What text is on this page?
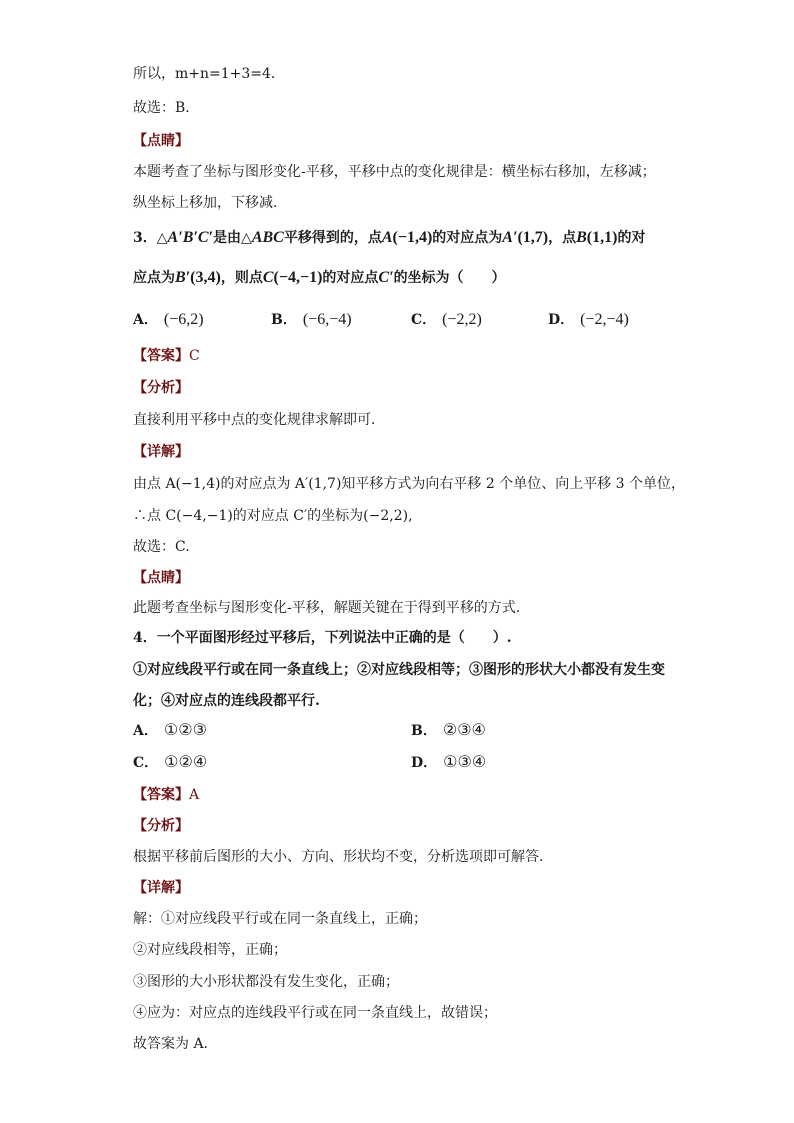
所以，m+n=1+3=4．
故选：B．
【点睛】
本题考查了坐标与图形变化-平移，平移中点的变化规律是：横坐标右移加，左移减；
纵坐标上移加，下移减．
3．△A′B′C′是由△ABC平移得到的，点A(−1,4)的对应点为A′(1,7)，点B(1,1)的对
应点为B′(3,4)，则点C(−4,−1)的对应点C′的坐标为（　　）
A． (−6,2)	B． (−6,−4)	C． (−2,2)	D． (−2,−4)
【答案】C
【分析】
直接利用平移中点的变化规律求解即可．
【详解】
由点 A(−1,4)的对应点为 A′(1,7)知平移方式为向右平移 2 个单位、向上平移 3 个单位，
∴点 C(−4,−1)的对应点 C′的坐标为(−2,2),
故选：C.
【点睛】
此题考查坐标与图形变化-平移，解题关键在于得到平移的方式.
4．一个平面图形经过平移后，下列说法中正确的是（　　）.
①对应线段平行或在同一条直线上；②对应线段相等；③图形的形状大小都没有发生变
化；④对应点的连线段都平行.
A． ①②③	B． ②③④
C． ①②④	D． ①③④
【答案】A
【分析】
根据平移前后图形的大小、方向、形状均不变，分析选项即可解答.
【详解】
解：①对应线段平行或在同一条直线上，正确；
②对应线段相等，正确；
③图形的大小形状都没有发生变化，正确；
④应为：对应点的连线段平行或在同一条直线上，故错误；
故答案为 A.
